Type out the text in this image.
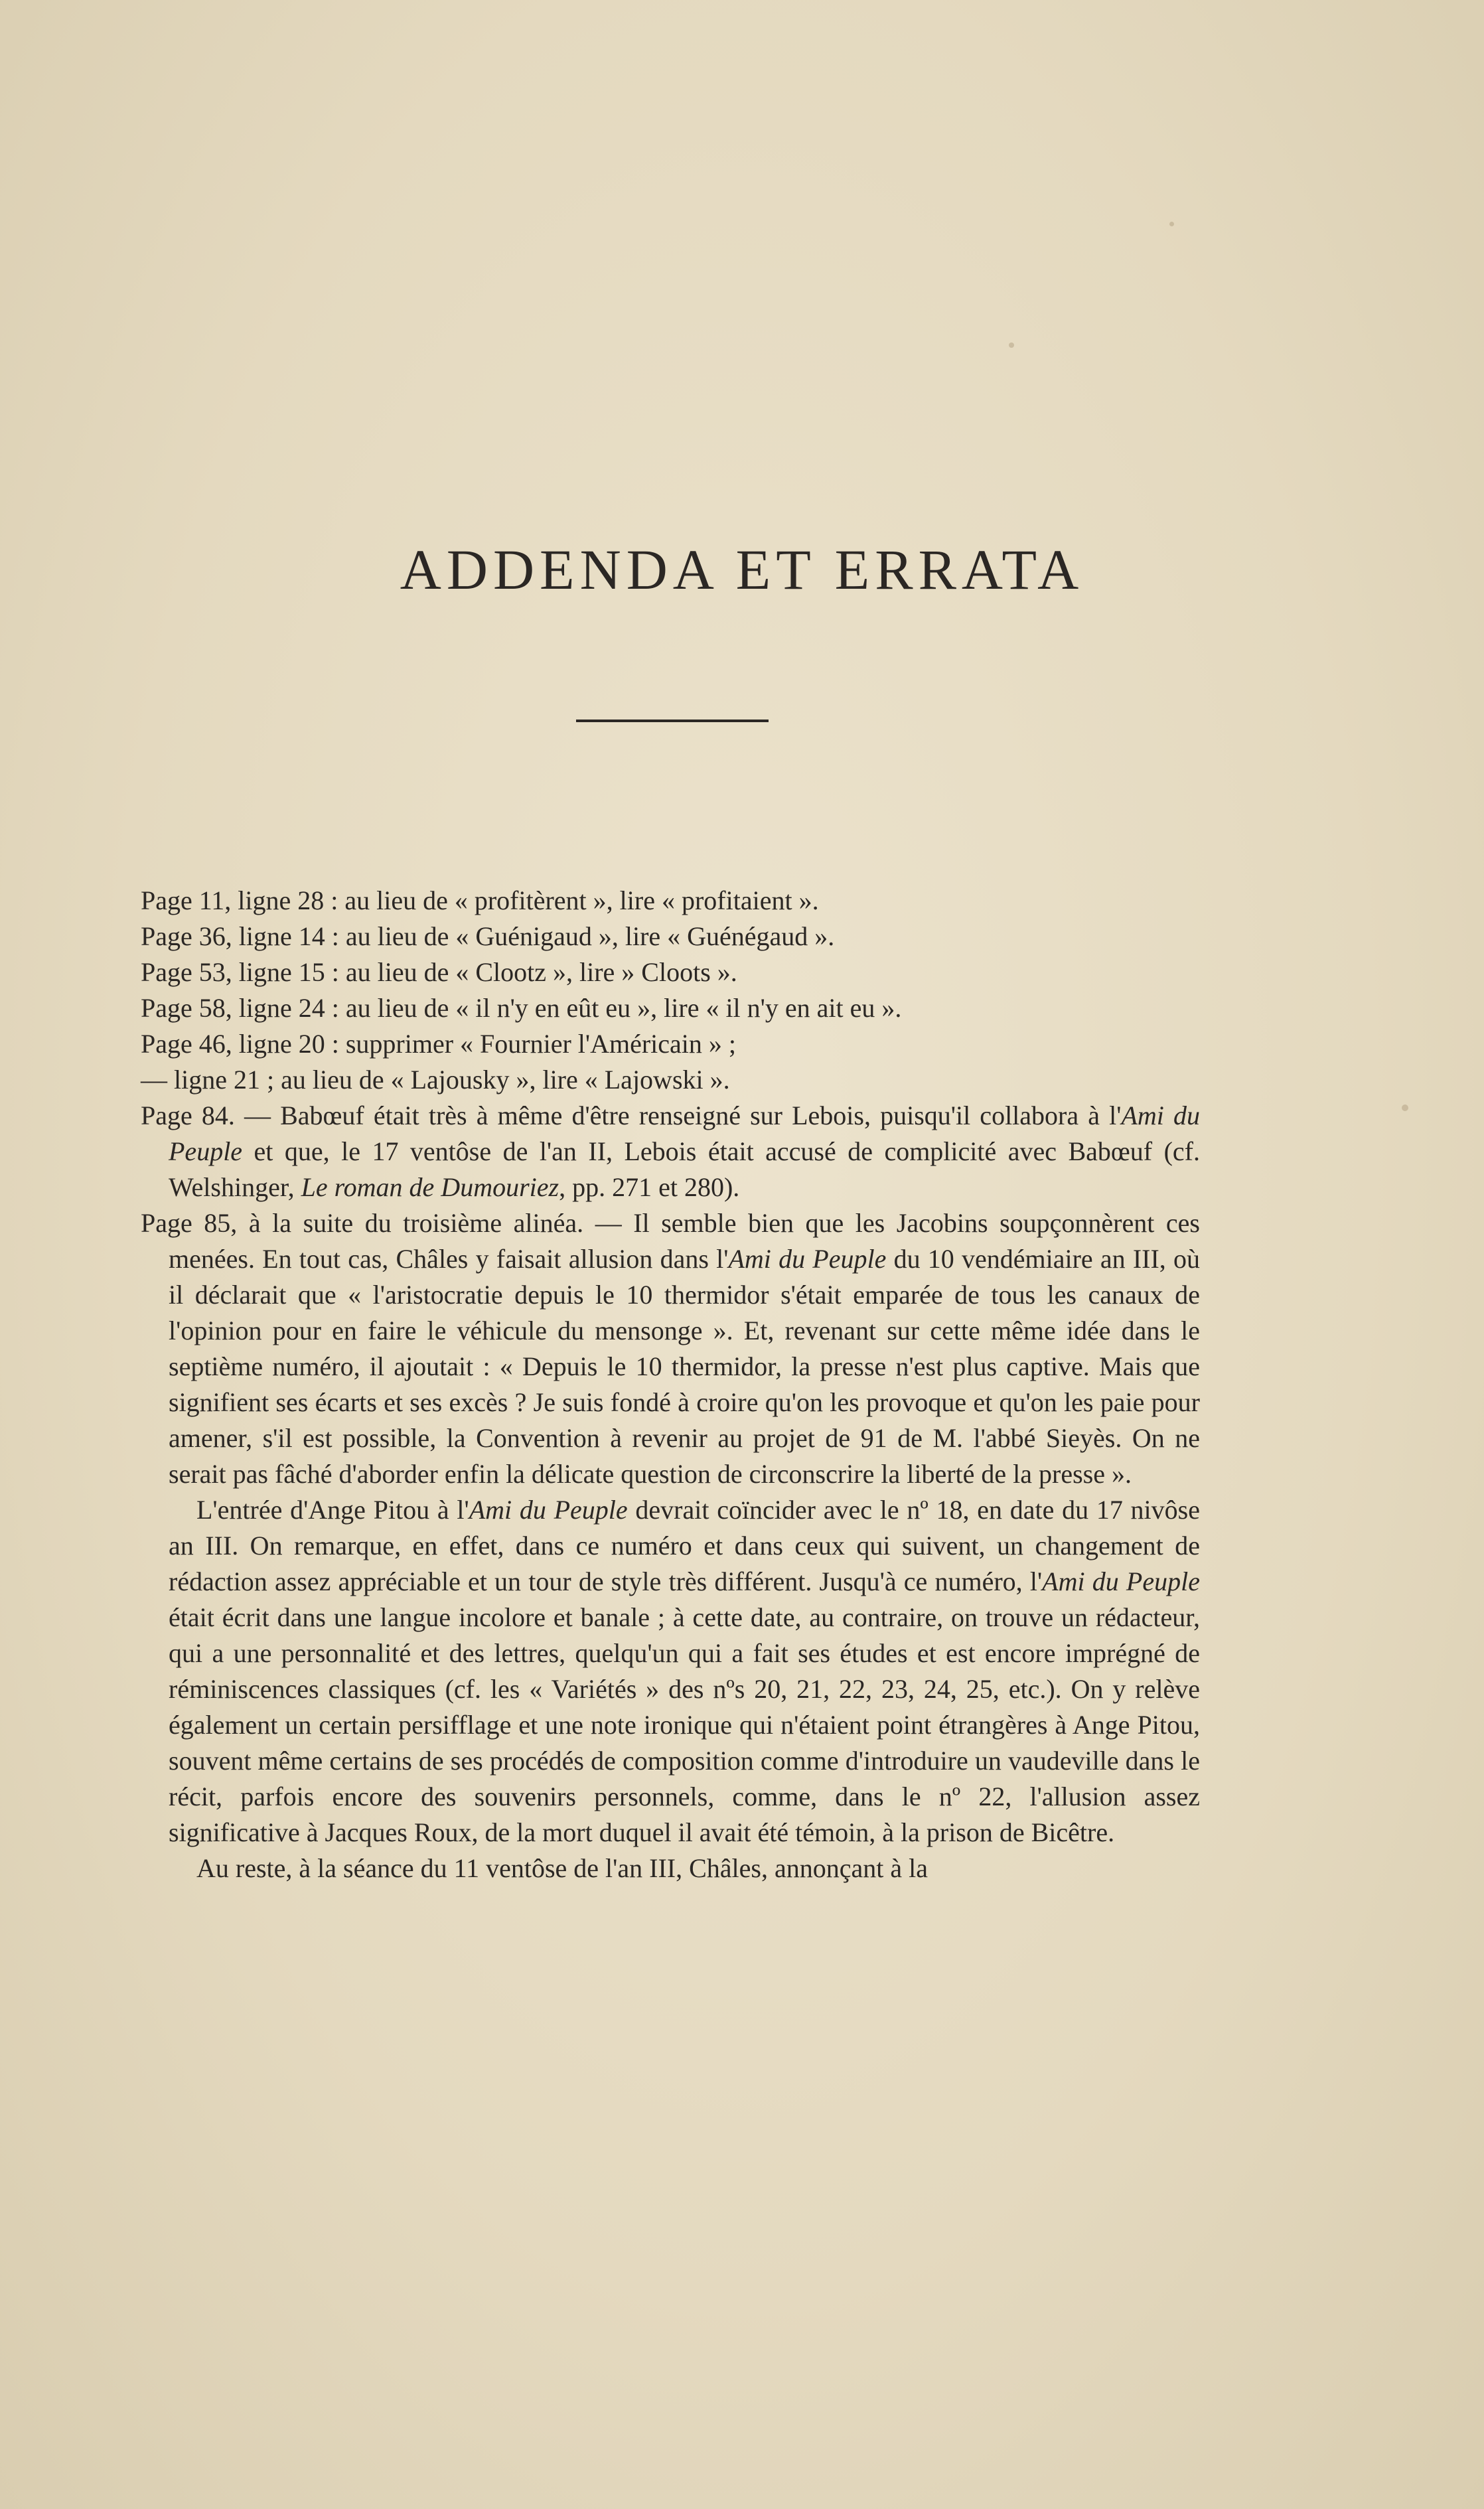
ADDENDA ET ERRATA

Page 11, ligne 28 : au lieu de « profitèrent », lire « profitaient ».

Page 36, ligne 14 : au lieu de « Guénigaud », lire « Guénégaud ».

Page 53, ligne 15 : au lieu de « Clootz », lire » Cloots ».

Page 58, ligne 24 : au lieu de « il n'y en eût eu », lire « il n'y en ait eu ».

Page 46, ligne 20 : supprimer « Fournier l'Américain » ;

— ligne 21 ; au lieu de « Lajousky », lire « Lajowski ».

Page 84. — Babœuf était très à même d'être renseigné sur Lebois, puisqu'il collabora à l'Ami du Peuple et que, le 17 ventôse de l'an II, Lebois était accusé de complicité avec Babœuf (cf. Welshinger, Le roman de Dumouriez, pp. 271 et 280).

Page 85, à la suite du troisième alinéa. — Il semble bien que les Jacobins soupçonnèrent ces menées. En tout cas, Châles y faisait allusion dans l'Ami du Peuple du 10 vendémiaire an III, où il déclarait que « l'aristocratie depuis le 10 thermidor s'était emparée de tous les canaux de l'opinion pour en faire le véhicule du mensonge ». Et, revenant sur cette même idée dans le septième numéro, il ajoutait : « Depuis le 10 thermidor, la presse n'est plus captive. Mais que signifient ses écarts et ses excès ? Je suis fondé à croire qu'on les provoque et qu'on les paie pour amener, s'il est possible, la Convention à revenir au projet de 91 de M. l'abbé Sieyès. On ne serait pas fâché d'aborder enfin la délicate question de circonscrire la liberté de la presse ».

L'entrée d'Ange Pitou à l'Ami du Peuple devrait coïncider avec le nº 18, en date du 17 nivôse an III. On remarque, en effet, dans ce numéro et dans ceux qui suivent, un changement de rédaction assez appréciable et un tour de style très différent. Jusqu'à ce numéro, l'Ami du Peuple était écrit dans une langue incolore et banale ; à cette date, au contraire, on trouve un rédacteur, qui a une personnalité et des lettres, quelqu'un qui a fait ses études et est encore imprégné de réminiscences classiques (cf. les « Variétés » des nºs 20, 21, 22, 23, 24, 25, etc.). On y relève également un certain persifflage et une note ironique qui n'étaient point étrangères à Ange Pitou, souvent même certains de ses procédés de composition comme d'introduire un vaudeville dans le récit, parfois encore des souvenirs personnels, comme, dans le nº 22, l'allusion assez significative à Jacques Roux, de la mort duquel il avait été témoin, à la prison de Bicêtre.

Au reste, à la séance du 11 ventôse de l'an III, Châles, annonçant à la
